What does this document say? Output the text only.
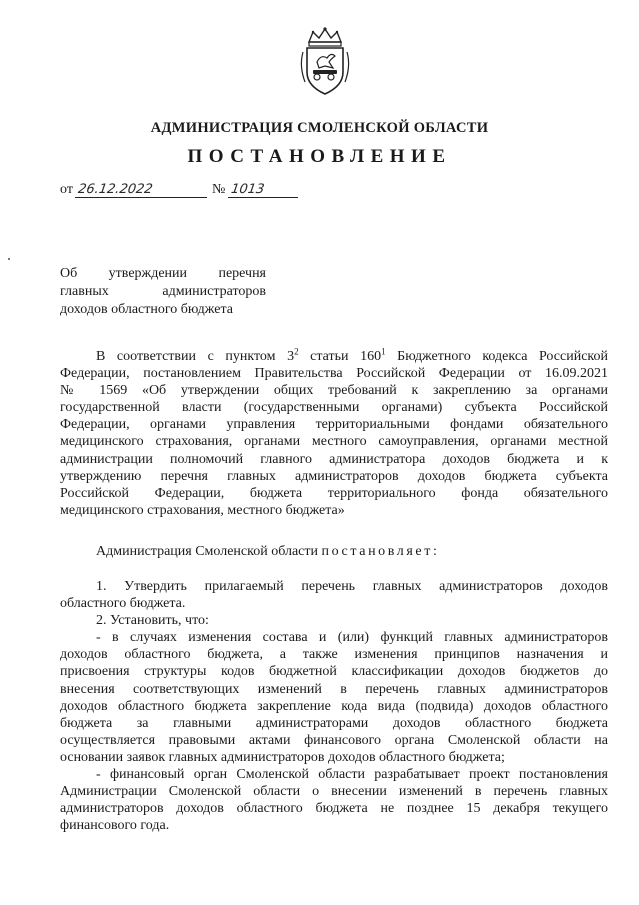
АДМИНИСТРАЦИЯ СМОЛЕНСКОЙ ОБЛАСТИ
ПОСТАНОВЛЕНИЕ
от 26.12.2022	№ 1013
Об утверждении перечня
главных администраторов
доходов областного бюджета
В соответствии с пунктом $3^2$ статьи $160^1$ Бюджетного кодекса Российской
Федерации, постановлением Правительства Российской Федерации от 16.09.2021
№ 1569 «Об утверждении общих требований к закреплению за органами
государственной власти (государственными органами) субъекта Российской
Федерации, органами управления территориальными фондами обязательного
медицинского страхования, органами местного самоуправления, органами местной
администрации полномочий главного администратора доходов бюджета и к
утверждению перечня главных администраторов доходов бюджета субъекта
Российской Федерации, бюджета территориального фонда обязательного
медицинского страхования, местного бюджета»
Администрация Смоленской области постановляет:
1. Утвердить прилагаемый перечень главных администраторов доходов
областного бюджета.
2. Установить, что:
- в случаях изменения состава и (или) функций главных администраторов
доходов областного бюджета, а также изменения принципов назначения и
присвоения структуры кодов бюджетной классификации доходов бюджетов до
внесения соответствующих изменений в перечень главных администраторов
доходов областного бюджета закрепление кода вида (подвида) доходов областного
бюджета за главными администраторами доходов областного бюджета
осуществляется правовыми актами финансового органа Смоленской области на
основании заявок главных администраторов доходов областного бюджета;
- финансовый орган Смоленской области разрабатывает проект постановления
Администрации Смоленской области о внесении изменений в перечень главных
администраторов доходов областного бюджета не позднее 15 декабря текущего
финансового года.
